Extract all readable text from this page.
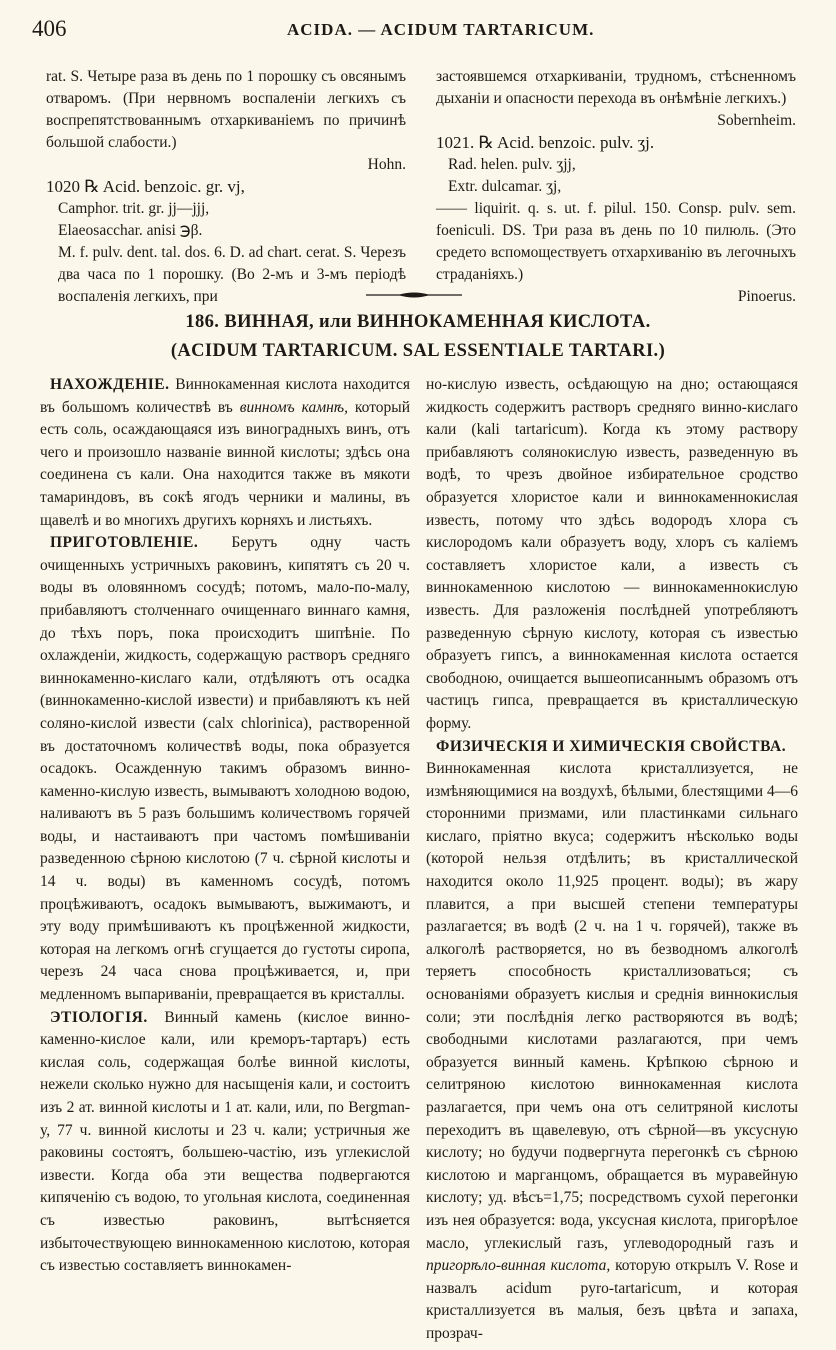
406	ACIDA. — ACIDUM TARTARICUM.

rat. S. Четыре раза въ день по 1 порошку съ овсянымъ отваромъ. (При нервномъ воспаленіи легкихъ съ воспрепятствованнымъ отхаркиваніемъ по причинѣ большой слабости.)

Hohn.

1020 ℞ Acid. benzoic. gr. vj,

Camphor. trit. gr. jj—jjj,

Elaeosacchar. anisi ℈β.

M. f. pulv. dent. tal. dos. 6. D. ad chart. cerat. S. Черезъ два часа по 1 порошку. (Во 2-мъ и 3-мъ періодѣ воспаленія легкихъ, при

застоявшемся отхаркиваніи, трудномъ, стѣсненномъ дыханіи и опасности перехода въ онѣмѣніе легкихъ.)

Sobernheim.

1021. ℞ Acid. benzoic. pulv. ʒj.

Rad. helen. pulv. ʒjj,

Extr. dulcamar. ʒj,

—— liquirit. q. s. ut. f. pilul. 150. Consp. pulv. sem. foeniculi. DS. Три раза въ день по 10 пилюль. (Это средето вспомоществуетъ отхархиванію въ легочныхъ страданіяхъ.)

Pinoerus.

186. ВИННАЯ, или ВИННОКАМЕННАЯ КИСЛОТА.
(ACIDUM TARTARICUM. SAL ESSENTIALE TARTARI.)

НАХОЖДЕНІЕ. Виннокаменная кислота находится въ большомъ количествѣ въ винномъ камнѣ, который есть соль, осаждающаяся изъ виноградныхъ винъ, отъ чего и произошло названіе винной кислоты; здѣсь она соединена съ кали. Она находится также въ мякоти тамариндовъ, въ сокѣ ягодъ черники и малины, въ щавелѣ и во многихъ другихъ корняхъ и листьяхъ.

ПРИГОТОВЛЕНІЕ. Берутъ одну часть очищенныхъ устричныхъ раковинъ, кипятятъ съ 20 ч. воды въ оловянномъ сосудѣ; потомъ, мало-по-малу, прибавляютъ столченнаго очищеннаго виннаго камня, до тѣхъ поръ, пока происходитъ шипѣніе. По охлажденіи, жидкость, содержащую растворъ средняго виннокаменно-кислаго кали, отдѣляютъ отъ осадка (виннокаменно-кислой извести) и прибавляютъ къ ней соляно-кислой извести (calx chlorinica), растворенной въ достаточномъ количествѣ воды, пока образуется осадокъ. Осажденную такимъ образомъ винно-каменно-кислую известь, вымываютъ холодною водою, наливаютъ въ 5 разъ большимъ количествомъ горячей воды, и настаиваютъ при частомъ помѣшиваніи разведенною сѣрною кислотою (7 ч. сѣрной кислоты и 14 ч. воды) въ каменномъ сосудѣ, потомъ процѣживаютъ, осадокъ вымываютъ, выжимаютъ, и эту воду примѣшиваютъ къ процѣженной жидкости, которая на легкомъ огнѣ сгущается до густоты сиропа, черезъ 24 часа снова процѣживается, и, при медленномъ выпариваніи, превращается въ кристаллы.

ЭТІОЛОГІЯ. Винный камень (кислое винно-каменно-кислое кали, или креморъ-тартаръ) есть кислая соль, содержащая болѣе винной кислоты, нежели сколько нужно для насыщенія кали, и состоитъ изъ 2 ат. винной кислоты и 1 ат. кали, или, по Bergman-у, 77 ч. винной кислоты и 23 ч. кали; устричныя же раковины состоятъ, большею-частію, изъ углекислой извести. Когда оба эти вещества подвергаются кипяченію съ водою, то угольная кислота, соединенная съ известью раковинъ, вытѣсняется избыточествующею виннокаменною кислотою, которая съ известью составляетъ виннокамен-

но-кислую известь, осѣдающую на дно; остающаяся жидкость содержитъ растворъ средняго винно-кислаго кали (kali tartaricum). Когда къ этому раствору прибавляютъ солянокислую известь, разведенную въ водѣ, то чрезъ двойное избирательное сродство образуется хлористое кали и виннокаменнокислая известь, потому что здѣсь водородъ хлора съ кислородомъ кали образуетъ воду, хлоръ съ каліемъ составляетъ хлористое кали, а известь съ виннокаменною кислотою — виннокаменнокислую известь. Для разложенія послѣдней употребляютъ разведенную сѣрную кислоту, которая съ известью образуетъ гипсъ, а виннокаменная кислота остается свободною, очищается вышеописаннымъ образомъ отъ частицъ гипса, превращается въ кристаллическую форму.

ФИЗИЧЕСКІЯ И ХИМИЧЕСКІЯ СВОЙСТВА.

Виннокаменная кислота кристаллизуется, не измѣняющимися на воздухѣ, бѣлыми, блестящими 4—6 сторонними призмами, или пластинками сильнаго кислаго, пріятно вкуса; содержитъ нѣсколько воды (которой нельзя отдѣлить; въ кристаллической находится около 11,925 процент. воды); въ жару плавится, а при высшей степени температуры разлагается; въ водѣ (2 ч. на 1 ч. горячей), также въ алкоголѣ растворяется, но въ безводномъ алкоголѣ теряетъ способность кристаллизоваться; съ основаніями образуетъ кислыя и среднія виннокислыя соли; эти послѣднія легко растворяются въ водѣ; свободными кислотами разлагаются, при чемъ образуется винный камень. Крѣпкою сѣрною и селитряною кислотою виннокаменная кислота разлагается, при чемъ она отъ селитряной кислоты переходитъ въ щавелевую, отъ сѣрной—въ уксусную кислоту; но будучи подвергнута перегонкѣ съ сѣрною кислотою и марганцомъ, обращается въ муравейную кислоту; уд. вѣсъ=1,75; посредствомъ сухой перегонки изъ нея образуется: вода, уксусная кислота, пригорѣлое масло, углекислый газъ, углеводородный газъ и пригорѣло-винная кислота, которую открылъ V. Rose и назвалъ acidum pyro-tartaricum, и которая кристаллизуется въ малыя, безъ цвѣта и запаха, прозрач-
